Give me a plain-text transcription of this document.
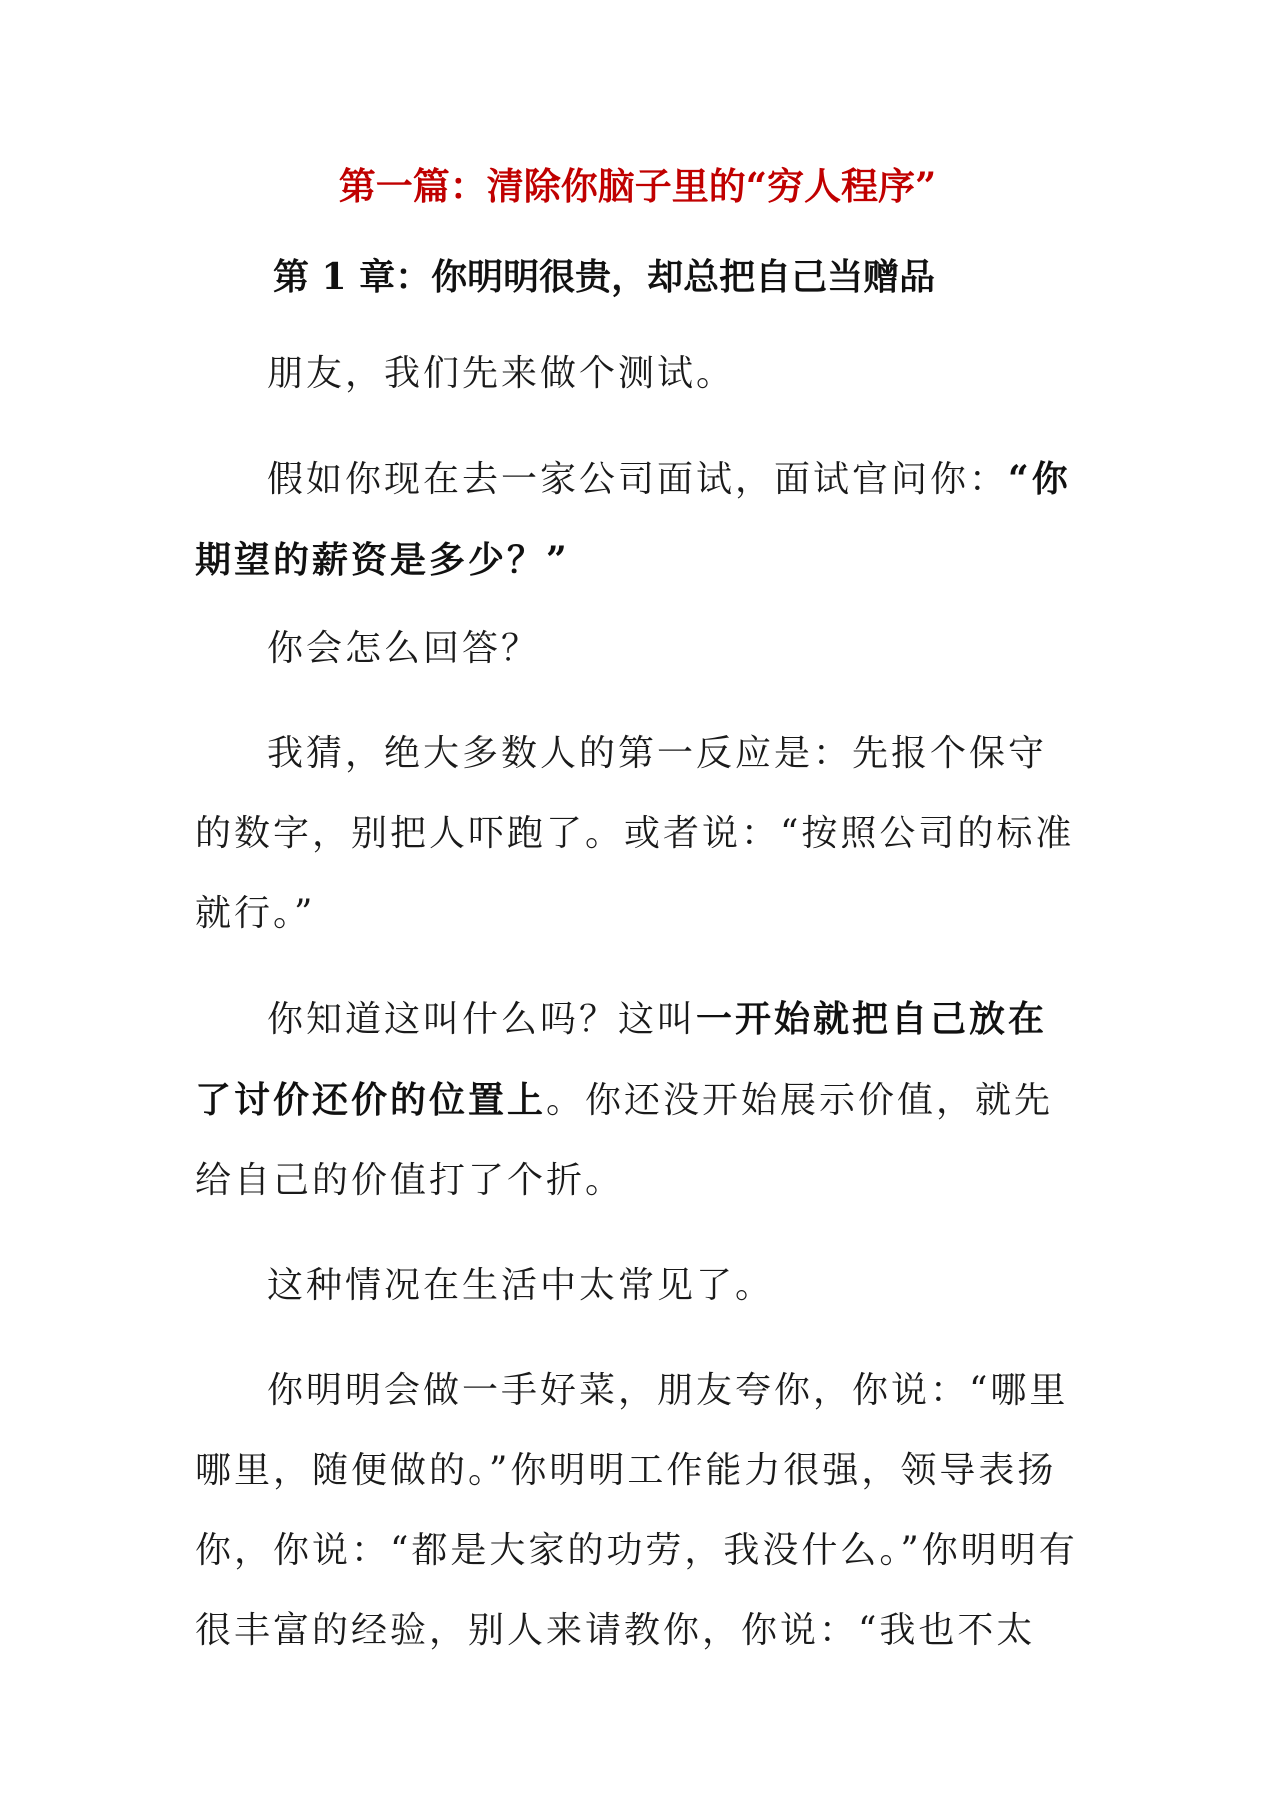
第一篇：清除你脑子里的“穷人程序”
第 1 章：你明明很贵，却总把自己当赠品

朋友，我们先来做个测试。

假如你现在去一家公司面试，面试官问你：“你期望的薪资是多少？”

你会怎么回答？

我猜，绝大多数人的第一反应是：先报个保守的数字，别把人吓跑了。或者说：“按照公司的标准就行。”

你知道这叫什么吗？这叫一开始就把自己放在了讨价还价的位置上。你还没开始展示价值，就先给自己的价值打了个折。

这种情况在生活中太常见了。

你明明会做一手好菜，朋友夸你，你说：“哪里哪里，随便做的。”你明明工作能力很强，领导表扬你，你说：“都是大家的功劳，我没什么。”你明明有很丰富的经验，别人来请教你，你说：“我也不太
